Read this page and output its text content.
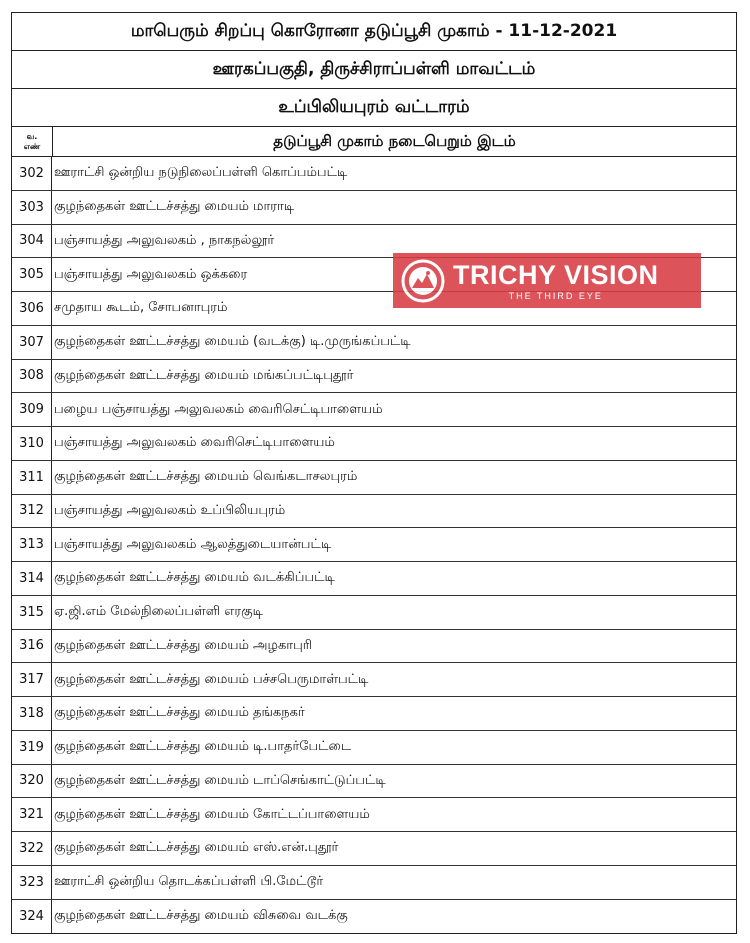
மாபெரும் சிறப்பு கொரோனா தடுப்பூசி முகாம் - 11-12-2021
ஊரகப்பகுதி, திருச்சிராப்பள்ளி மாவட்டம்
உப்பிலியபுரம் வட்டாரம்
வ.
எண்	தடுப்பூசி முகாம் நடைபெறும் இடம்
302 ஊராட்சி ஒன்றிய நடுநிலைப்பள்ளி கொப்பம்பட்டி
303 குழந்தைகள் ஊட்டச்சத்து மையம் மாராடி
304 பஞ்சாயத்து அலுவலகம் , நாகநல்லூர்
305 பஞ்சாயத்து அலுவலகம் ஒக்கரை
306 சமுதாய கூடம், சோபனாபுரம்
307 குழந்தைகள் ஊட்டச்சத்து மையம் (வடக்கு) டி.முருங்கப்பட்டி
308 குழந்தைகள் ஊட்டச்சத்து மையம் மங்கப்பட்டிபுதூர்
309 பழைய பஞ்சாயத்து அலுவலகம் வைரிசெட்டிபாளையம்
310 பஞ்சாயத்து அலுவலகம் வைரிசெட்டிபாளையம்
311 குழந்தைகள் ஊட்டச்சத்து மையம் வெங்கடாசலபுரம்
312 பஞ்சாயத்து அலுவலகம் உப்பிலியபுரம்
313 பஞ்சாயத்து அலுவலகம் ஆலத்துடையான்பட்டி
314 குழந்தைகள் ஊட்டச்சத்து மையம் வடக்கிப்பட்டி
315 ஏ.ஜி.எம் மேல்நிலைப்பள்ளி எரகுடி
316 குழந்தைகள் ஊட்டச்சத்து மையம் அழகாபுரி
317 குழந்தைகள் ஊட்டச்சத்து மையம் பச்சபெருமாள்பட்டி
318 குழந்தைகள் ஊட்டச்சத்து மையம் தங்கநகர்
319 குழந்தைகள் ஊட்டச்சத்து மையம் டி.பாதர்பேட்டை
320 குழந்தைகள் ஊட்டச்சத்து மையம் டாப்செங்காட்டுப்பட்டி
321 குழந்தைகள் ஊட்டச்சத்து மையம் கோட்டப்பாளையம்
322 குழந்தைகள் ஊட்டச்சத்து மையம் எஸ்.என்.புதூர்
323 ஊராட்சி ஒன்றிய தொடக்கப்பள்ளி பி.மேட்டூர்
324 குழந்தைகள் ஊட்டச்சத்து மையம் விசுவை வடக்கு
TRICHY VISION
THE THIRD EYE
